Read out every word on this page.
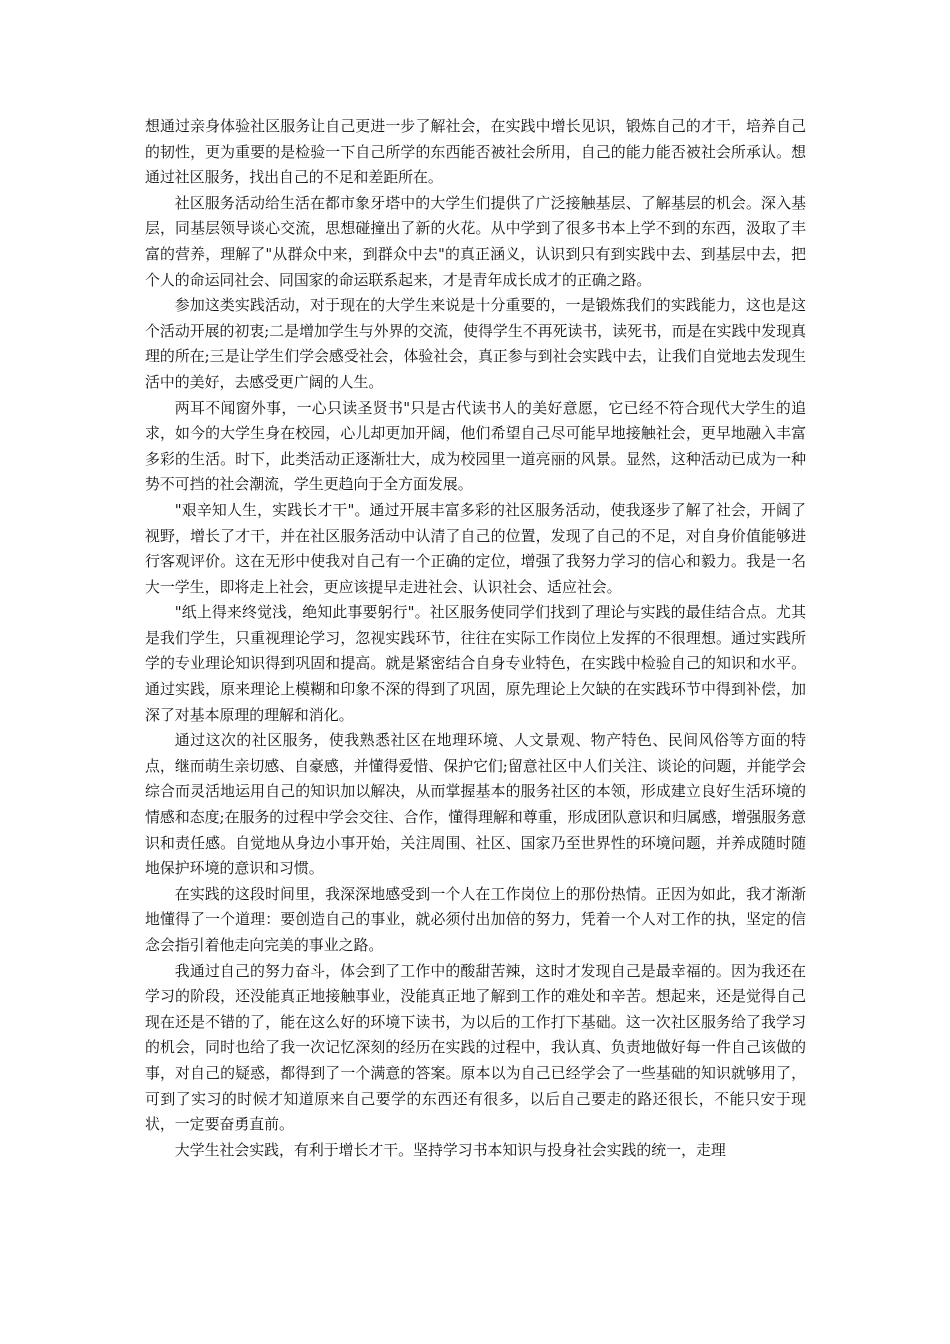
想通过亲身体验社区服务让自己更进一步了解社会，在实践中增长见识，锻炼自己的才干，培养自己的韧性，更为重要的是检验一下自己所学的东西能否被社会所用，自己的能力能否被社会所承认。想通过社区服务，找出自己的不足和差距所在。

社区服务活动给生活在都市象牙塔中的大学生们提供了广泛接触基层、了解基层的机会。深入基层，同基层领导谈心交流，思想碰撞出了新的火花。从中学到了很多书本上学不到的东西，汲取了丰富的营养，理解了"从群众中来，到群众中去"的真正涵义，认识到只有到实践中去、到基层中去，把个人的命运同社会、同国家的命运联系起来，才是青年成长成才的正确之路。

参加这类实践活动，对于现在的大学生来说是十分重要的，一是锻炼我们的实践能力，这也是这个活动开展的初衷;二是增加学生与外界的交流，使得学生不再死读书，读死书，而是在实践中发现真理的所在;三是让学生们学会感受社会，体验社会，真正参与到社会实践中去，让我们自觉地去发现生活中的美好，去感受更广阔的人生。

两耳不闻窗外事，一心只读圣贤书"只是古代读书人的美好意愿，它已经不符合现代大学生的追求，如今的大学生身在校园，心儿却更加开阔，他们希望自己尽可能早地接触社会，更早地融入丰富多彩的生活。时下，此类活动正逐渐壮大，成为校园里一道亮丽的风景。显然，这种活动已成为一种势不可挡的社会潮流，学生更趋向于全方面发展。

"艰辛知人生，实践长才干"。通过开展丰富多彩的社区服务活动，使我逐步了解了社会，开阔了视野，增长了才干，并在社区服务活动中认清了自己的位置，发现了自己的不足，对自身价值能够进行客观评价。这在无形中使我对自己有一个正确的定位，增强了我努力学习的信心和毅力。我是一名大一学生，即将走上社会，更应该提早走进社会、认识社会、适应社会。

"纸上得来终觉浅，绝知此事要躬行"。社区服务使同学们找到了理论与实践的最佳结合点。尤其是我们学生，只重视理论学习，忽视实践环节，往往在实际工作岗位上发挥的不很理想。通过实践所学的专业理论知识得到巩固和提高。就是紧密结合自身专业特色，在实践中检验自己的知识和水平。通过实践，原来理论上模糊和印象不深的得到了巩固，原先理论上欠缺的在实践环节中得到补偿，加深了对基本原理的理解和消化。

通过这次的社区服务，使我熟悉社区在地理环境、人文景观、物产特色、民间风俗等方面的特点，继而萌生亲切感、自豪感，并懂得爱惜、保护它们;留意社区中人们关注、谈论的问题，并能学会综合而灵活地运用自己的知识加以解决，从而掌握基本的服务社区的本领，形成建立良好生活环境的情感和态度;在服务的过程中学会交往、合作，懂得理解和尊重，形成团队意识和归属感，增强服务意识和责任感。自觉地从身边小事开始，关注周围、社区、国家乃至世界性的环境问题，并养成随时随地保护环境的意识和习惯。

在实践的这段时间里，我深深地感受到一个人在工作岗位上的那份热情。正因为如此，我才渐渐地懂得了一个道理：要创造自己的事业，就必须付出加倍的努力，凭着一个人对工作的执，坚定的信念会指引着他走向完美的事业之路。

我通过自己的努力奋斗，体会到了工作中的酸甜苦辣，这时才发现自己是最幸福的。因为我还在学习的阶段，还没能真正地接触事业，没能真正地了解到工作的难处和辛苦。想起来，还是觉得自己现在还是不错的了，能在这么好的环境下读书，为以后的工作打下基础。这一次社区服务给了我学习的机会，同时也给了我一次记忆深刻的经历在实践的过程中，我认真、负责地做好每一件自己该做的事，对自己的疑惑，都得到了一个满意的答案。原本以为自己已经学会了一些基础的知识就够用了，可到了实习的时候才知道原来自己要学的东西还有很多，以后自己要走的路还很长，不能只安于现状，一定要奋勇直前。

大学生社会实践，有利于增长才干。坚持学习书本知识与投身社会实践的统一，走理
